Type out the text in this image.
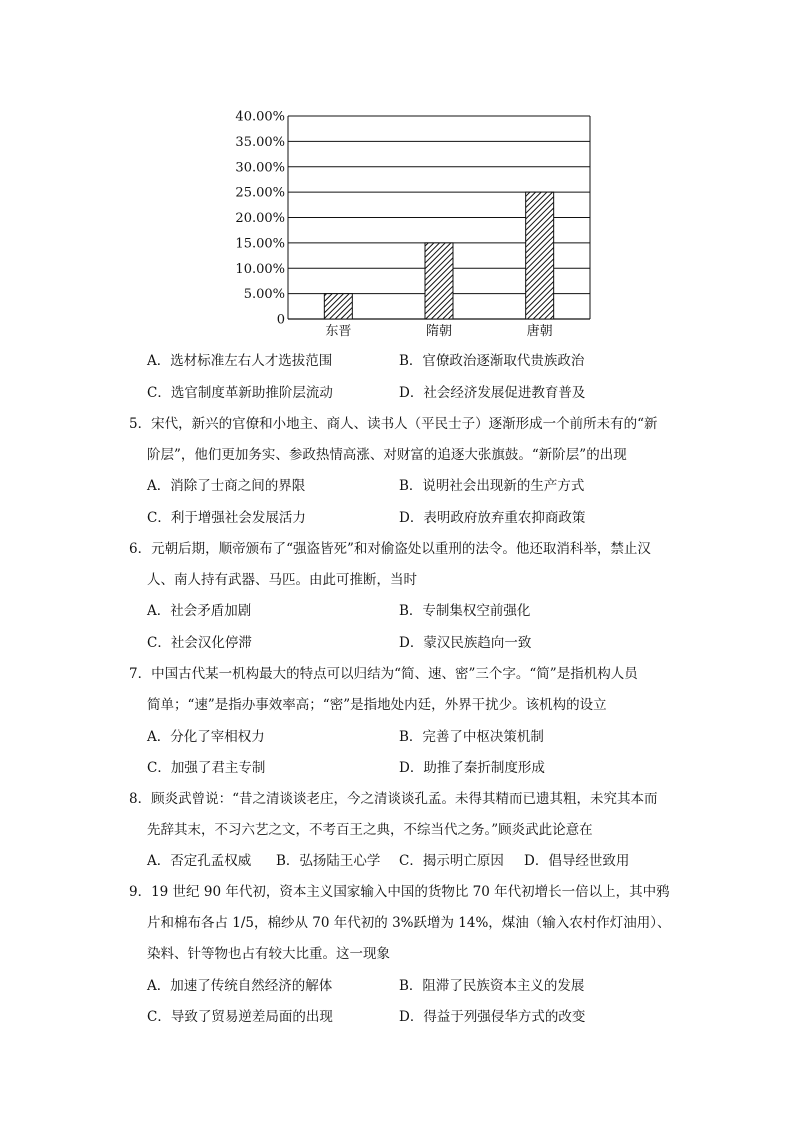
0
5.00%
10.00%
15.00%
20.00%
25.00%
30.00%
35.00%
40.00%
东晋	隋朝	唐朝
A．选材标准左右人才选拔范围	B．官僚政治逐渐取代贵族政治
C．选官制度革新助推阶层流动	D．社会经济发展促进教育普及
5．宋代，新兴的官僚和小地主、商人、读书人（平民士子）逐渐形成一个前所未有的“新
阶层”，他们更加务实、参政热情高涨、对财富的追逐大张旗鼓。“新阶层”的出现
A．消除了士商之间的界限	B．说明社会出现新的生产方式
C．利于增强社会发展活力	D．表明政府放弃重农抑商政策
6．元朝后期，顺帝颁布了“强盗皆死”和对偷盗处以重刑的法令。他还取消科举，禁止汉
人、南人持有武器、马匹。由此可推断，当时
A．社会矛盾加剧	B．专制集权空前强化
C．社会汉化停滞	D．蒙汉民族趋向一致
7．中国古代某一机构最大的特点可以归结为“简、速、密”三个字。“简”是指机构人员
简单；“速”是指办事效率高；“密”是指地处内廷，外界干扰少。该机构的设立
A．分化了宰相权力	B．完善了中枢决策机制
C．加强了君主专制	D．助推了秦折制度形成
8．顾炎武曾说：“昔之清谈谈老庄，今之清谈谈孔孟。未得其精而已遗其粗，未究其本而
先辞其末，不习六艺之文，不考百王之典，不综当代之务。”顾炎武此论意在
A．否定孔孟权威 B．弘扬陆王心学 C．揭示明亡原因 D．倡导经世致用
9．19 世纪 90 年代初，资本主义国家输入中国的货物比 70 年代初增长一倍以上，其中鸦
片和棉布各占 1/5，棉纱从 70 年代初的 3%跃增为 14%，煤油（输入农村作灯油用）、
染料、针等物也占有较大比重。这一现象
A．加速了传统自然经济的解体	B．阻滞了民族资本主义的发展
C．导致了贸易逆差局面的出现	D．得益于列强侵华方式的改变
